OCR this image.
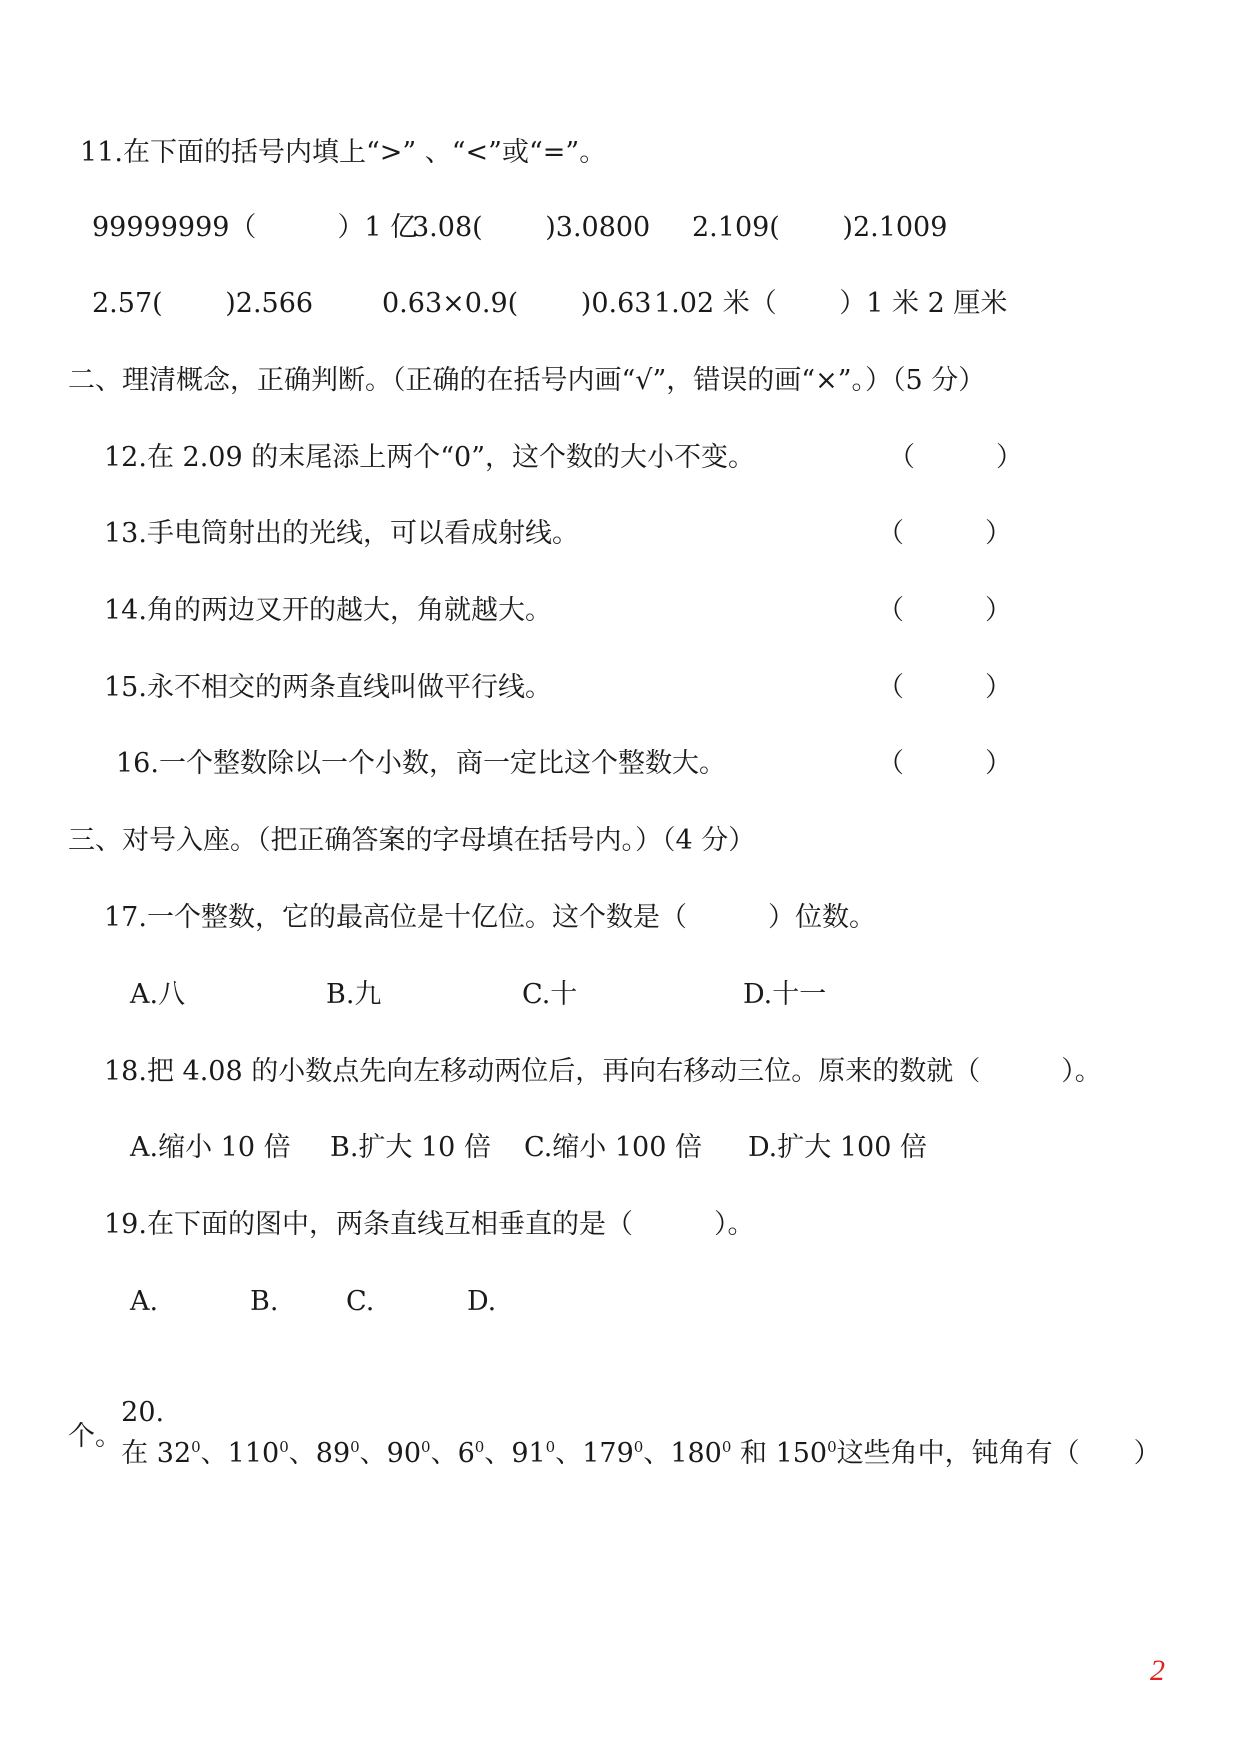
11.在下面的括号内填上“>” 、“<”或“=”。
99999999（　　　）1 亿
3.08(　　 )3.0800 2.109(　　 )2.1009
2.57(　　 )2.566	0.63×0.9(　　 )0.63 1.02 米（　　 ）1 米 2 厘米
二、理清概念，正确判断。（正确的在括号内画“√”，错误的画“×”。）（5 分）
12.在 2.09 的末尾添上两个“0”，这个数的大小不变。	（　　　）
13.手电筒射出的光线，可以看成射线。	（　　　）
14.角的两边叉开的越大，角就越大。	（　　　）
15.永不相交的两条直线叫做平行线。	（　　　）
16.一个整数除以一个小数，商一定比这个整数大。	（　　　）
三、对号入座。（把正确答案的字母填在括号内。）（4 分）
17.一个整数，它的最高位是十亿位。这个数是（　　　）位数。
A.八	B.九	C.十	D.十一
18.把 4.08 的小数点先向左移动两位后，再向右移动三位。原来的数就（　　　）。
A.缩小 10 倍 B.扩大 10 倍 C.缩小 100 倍 D.扩大 100 倍
19.在下面的图中，两条直线互相垂直的是（　　　）。
A.	B.	C.	D.

20.
在 $32^0$、$110^0$、$89^0$、$90^0$、$6^0$、$91^0$、$179^0$、$180^0$ 和 $150^0$这些角中，钝角有（　　）

个。
2
